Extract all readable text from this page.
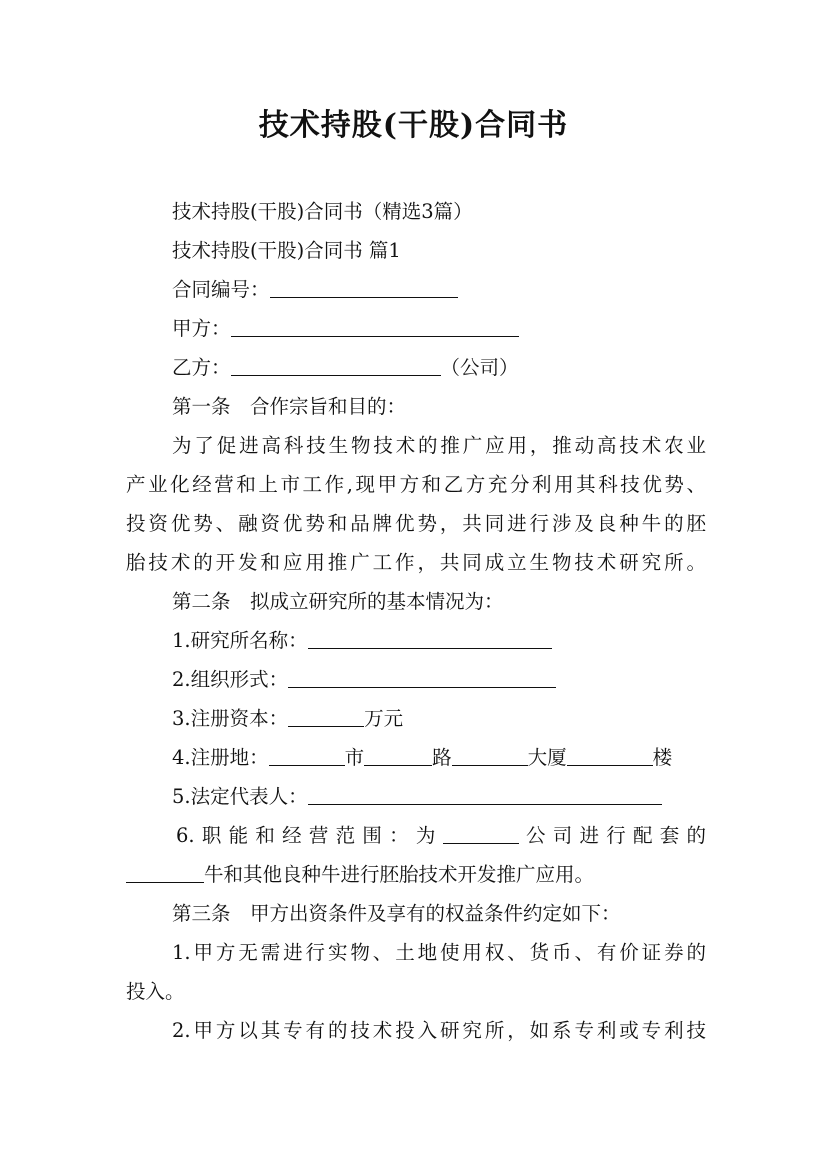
技术持股(干股)合同书
技术持股(干股)合同书（精选3篇）
技术持股(干股)合同书 篇1
合同编号：
甲方：
乙方：	（公司）
第一条　合作宗旨和目的：
为了促进高科技生物技术的推广应用，推动高技术农业
产业化经营和上市工作,现甲方和乙方充分利用其科技优势、
投资优势、融资优势和品牌优势，共同进行涉及良种牛的胚
胎技术的开发和应用推广工作，共同成立生物技术研究所。
第二条　拟成立研究所的基本情况为：
1.研究所名称：
2.组织形式：
3.注册资本：	万元
4.注册地：	市	路	大厦	楼
5.法定代表人：
6.职能和经营范围：为	公司进行配套的
牛和其他良种牛进行胚胎技术开发推广应用。
第三条　甲方出资条件及享有的权益条件约定如下：
1.甲方无需进行实物、土地使用权、货币、有价证券的
投入。
2.甲方以其专有的技术投入研究所，如系专利或专利技
